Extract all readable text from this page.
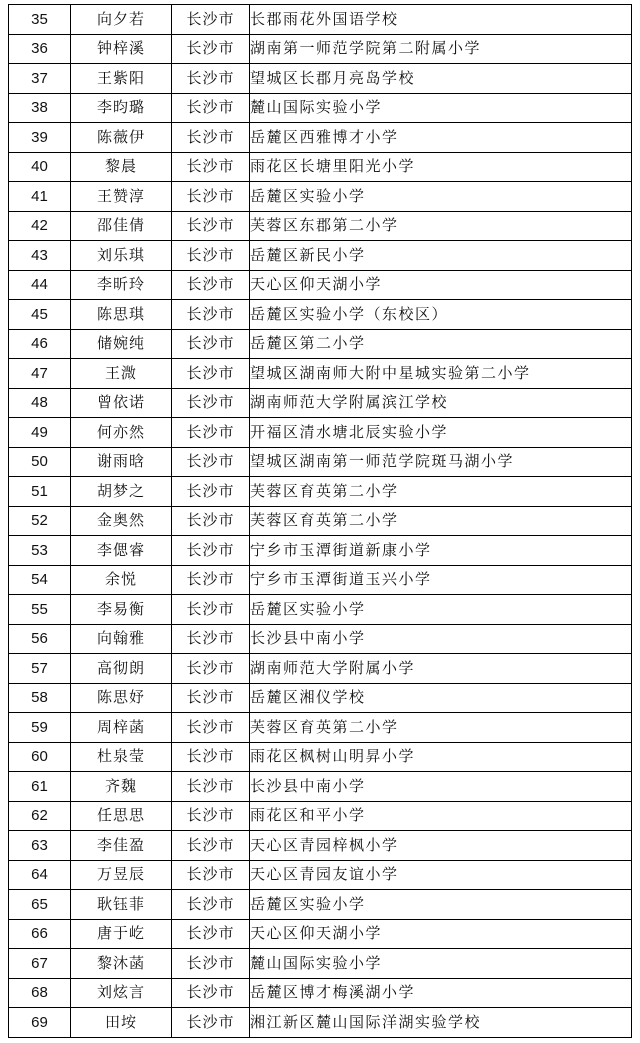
35	向夕若	长沙市	长郡雨花外国语学校
36	钟梓溪	长沙市	湖南第一师范学院第二附属小学
37	王紫阳	长沙市	望城区长郡月亮岛学校
38	李昀璐	长沙市	麓山国际实验小学
39	陈薇伊	长沙市	岳麓区西雅博才小学
40	黎晨	长沙市	雨花区长塘里阳光小学
41	王赞淳	长沙市	岳麓区实验小学
42	邵佳倩	长沙市	芙蓉区东郡第二小学
43	刘乐琪	长沙市	岳麓区新民小学
44	李昕玲	长沙市	天心区仰天湖小学
45	陈思琪	长沙市	岳麓区实验小学（东校区）
46	储婉纯	长沙市	岳麓区第二小学
47	王溦	长沙市	望城区湖南师大附中星城实验第二小学
48	曾依诺	长沙市	湖南师范大学附属滨江学校
49	何亦然	长沙市	开福区清水塘北辰实验小学
50	谢雨晗	长沙市	望城区湖南第一师范学院斑马湖小学
51	胡梦之	长沙市	芙蓉区育英第二小学
52	金奥然	长沙市	芙蓉区育英第二小学
53	李偲睿	长沙市	宁乡市玉潭街道新康小学
54	余悦	长沙市	宁乡市玉潭街道玉兴小学
55	李易衡	长沙市	岳麓区实验小学
56	向翰雅	长沙市	长沙县中南小学
57	高彻朗	长沙市	湖南师范大学附属小学
58	陈思妤	长沙市	岳麓区湘仪学校
59	周梓菡	长沙市	芙蓉区育英第二小学
60	杜泉莹	长沙市	雨花区枫树山明昇小学
61	齐魏	长沙市	长沙县中南小学
62	任思思	长沙市	雨花区和平小学
63	李佳盈	长沙市	天心区青园梓枫小学
64	万昱辰	长沙市	天心区青园友谊小学
65	耿钰菲	长沙市	岳麓区实验小学
66	唐于屹	长沙市	天心区仰天湖小学
67	黎沐菡	长沙市	麓山国际实验小学
68	刘炫言	长沙市	岳麓区博才梅溪湖小学
69	田垵	长沙市	湘江新区麓山国际洋湖实验学校
